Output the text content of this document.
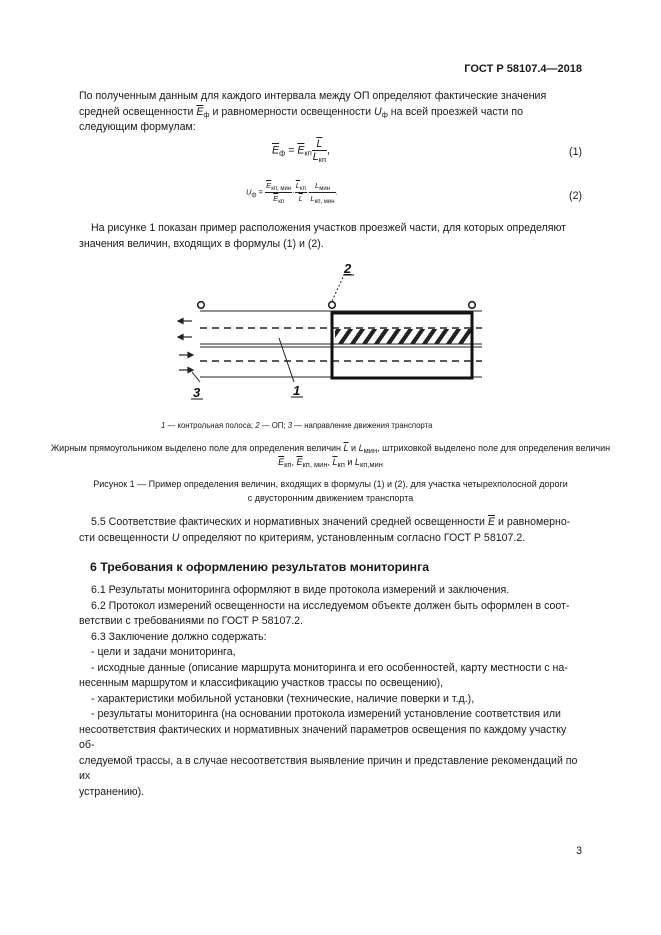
ГОСТ Р 58107.4—2018
По полученным данным для каждого интервала между ОП определяют фактические значения средней освещенности $\overline{E}_ф$ и равномерности освещенности $U_ф$ на всей проезжей части по следующим формулам:
$\overline{E}_ф = \overline{E}_{кп} \frac{\overline{L}}{\overline{L}_{кп}}$ ,	(1)
$U_ф = \frac{\overline{E}_{кп, мин}}{\overline{E}_{кп}} \cdot \frac{\overline{L}_{кп}}{L} \cdot \frac{L_{мин}}{L_{кп, мин}}$ .	(2)
На рисунке 1 показан пример расположения участков проезжей части, для которых определяют значения величин, входящих в формулы (1) и (2).
2
1
3
1 — контрольная полоса; 2 — ОП; 3 — направление движения транспорта
Жирным прямоугольником выделено поле для определения величин $\overline{L}$ и $L_{мин}$, штриховкой выделено поле для определения величин $\overline{E}_{кп}$, $\overline{E}_{кп, мин}$, $\overline{L}_{кп}$ и $L_{кп,мин}$
Рисунок 1 — Пример определения величин, входящих в формулы (1) и (2), для участка четырехполосной дороги
с двусторонним движением транспорта
5.5 Соответствие фактических и нормативных значений средней освещенности $\overline{E}$ и равномерно-
сти освещенности U определяют по критериям, установленным согласно ГОСТ Р 58107.2.
6 Требования к оформлению результатов мониторинга
6.1 Результаты мониторинга оформляют в виде протокола измерений и заключения.
6.2 Протокол измерений освещенности на исследуемом объекте должен быть оформлен в соот-
ветствии с требованиями по ГОСТ Р 58107.2.
6.3 Заключение должно содержать:
- цели и задачи мониторинга,
- исходные данные (описание маршрута мониторинга и его особенностей, карту местности с на-
несенным маршрутом и классификацию участков трассы по освещению),
- характеристики мобильной установки (технические, наличие поверки и т.д.),
- результаты мониторинга (на основании протокола измерений установление соответствия или
несоответствия фактических и нормативных значений параметров освещения по каждому участку об-
следуемой трассы, а в случае несоответствия выявление причин и представление рекомендаций по их
устранению).
3
